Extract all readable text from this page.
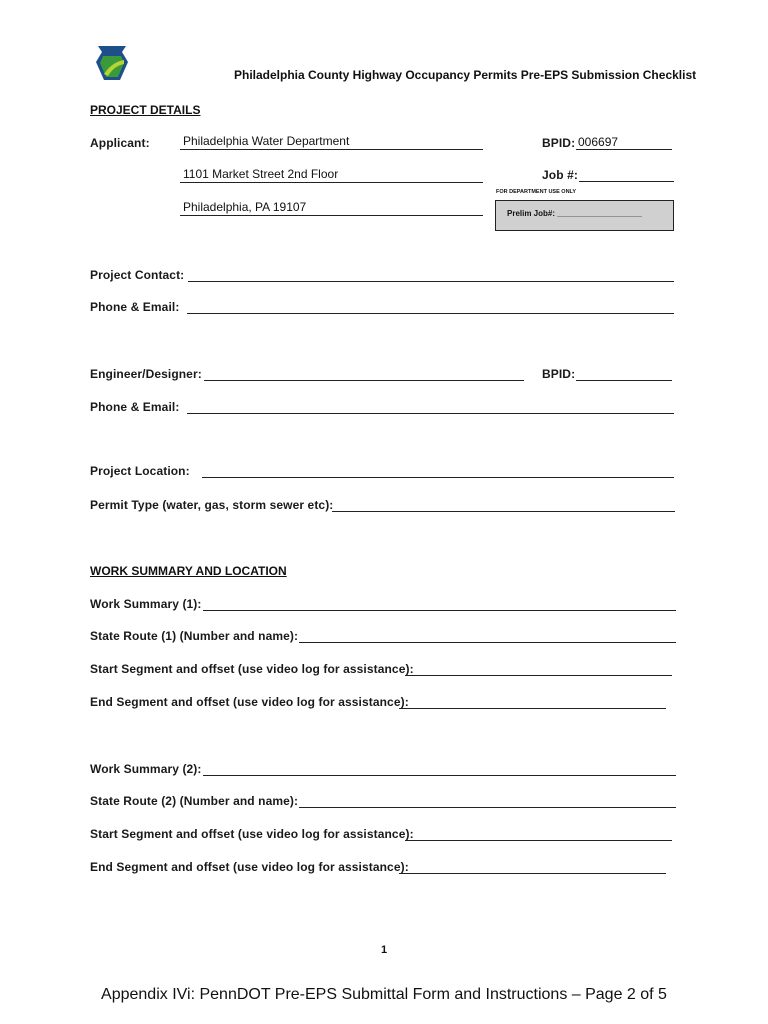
Philadelphia County Highway Occupancy Permits Pre-EPS Submission Checklist
PROJECT DETAILS
Applicant:	Philadelphia Water Department
1101 Market Street 2nd Floor
Philadelphia, PA 19107
BPID: 006697
Job #:
FOR DEPARTMENT USE ONLY
Prelim Job#: ___________________
Project Contact:
Phone & Email:
Engineer/Designer:	BPID:
Phone & Email:
Project Location:
Permit Type (water, gas, storm sewer etc):
WORK SUMMARY AND LOCATION
Work Summary (1):
State Route (1) (Number and name):
Start Segment and offset (use video log for assistance):
End Segment and offset (use video log for assistance):
Work Summary (2):
State Route (2) (Number and name):
Start Segment and offset (use video log for assistance):
End Segment and offset (use video log for assistance):
1
Appendix IVi: PennDOT Pre-EPS Submittal Form and Instructions – Page 2 of 5
